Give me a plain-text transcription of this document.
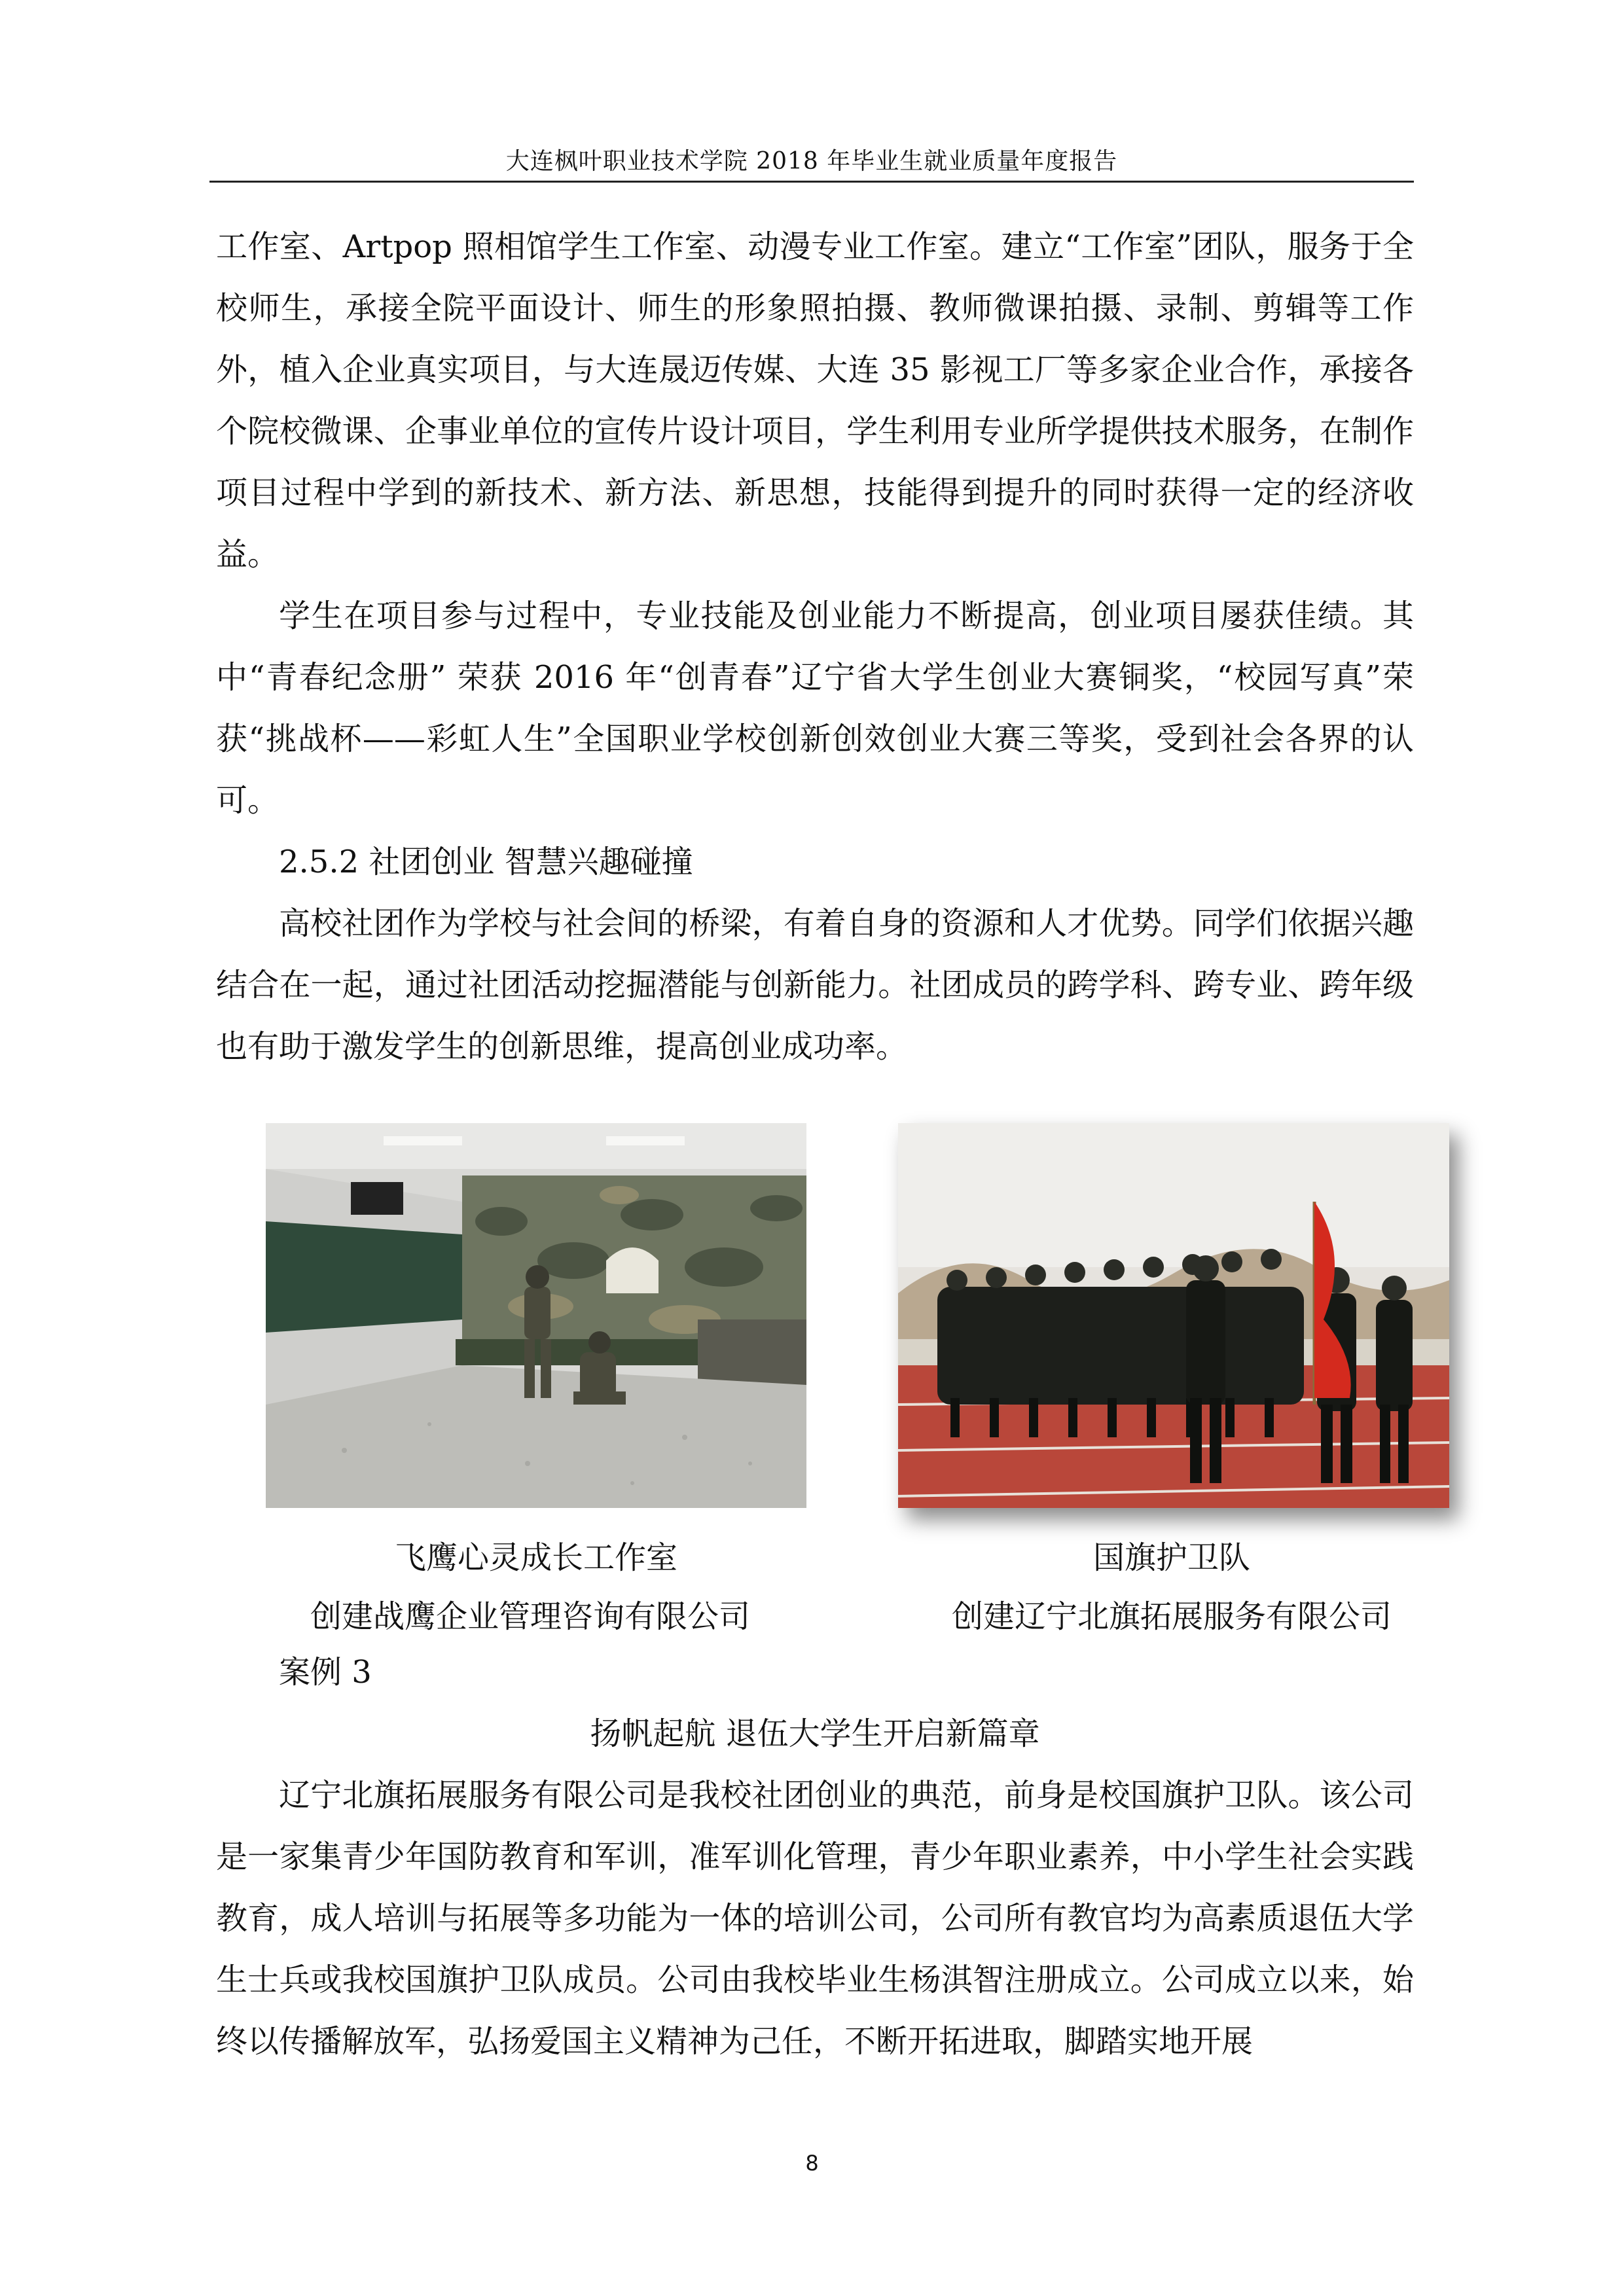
大连枫叶职业技术学院 2018 年毕业生就业质量年度报告

工作室、Artpop 照相馆学生工作室、动漫专业工作室。建立“工作室”团队，服务于全校师生，承接全院平面设计、师生的形象照拍摄、教师微课拍摄、录制、剪辑等工作外，植入企业真实项目，与大连晟迈传媒、大连 35 影视工厂等多家企业合作，承接各个院校微课、企事业单位的宣传片设计项目，学生利用专业所学提供技术服务，在制作项目过程中学到的新技术、新方法、新思想，技能得到提升的同时获得一定的经济收益。

学生在项目参与过程中，专业技能及创业能力不断提高，创业项目屡获佳绩。其中“青春纪念册” 荣获 2016 年“创青春”辽宁省大学生创业大赛铜奖，“校园写真”荣获“挑战杯——彩虹人生”全国职业学校创新创效创业大赛三等奖，受到社会各界的认可。

2.5.2 社团创业 智慧兴趣碰撞

高校社团作为学校与社会间的桥梁，有着自身的资源和人才优势。同学们依据兴趣结合在一起，通过社团活动挖掘潜能与创新能力。社团成员的跨学科、跨专业、跨年级也有助于激发学生的创新思维，提高创业成功率。

飞鹰心灵成长工作室	国旗护卫队
创建战鹰企业管理咨询有限公司	创建辽宁北旗拓展服务有限公司

案例 3

扬帆起航 退伍大学生开启新篇章

辽宁北旗拓展服务有限公司是我校社团创业的典范，前身是校国旗护卫队。该公司是一家集青少年国防教育和军训，准军训化管理，青少年职业素养，中小学生社会实践教育，成人培训与拓展等多功能为一体的培训公司，公司所有教官均为高素质退伍大学生士兵或我校国旗护卫队成员。公司由我校毕业生杨淇智注册成立。公司成立以来，始终以传播解放军，弘扬爱国主义精神为己任，不断开拓进取，脚踏实地开展

8
